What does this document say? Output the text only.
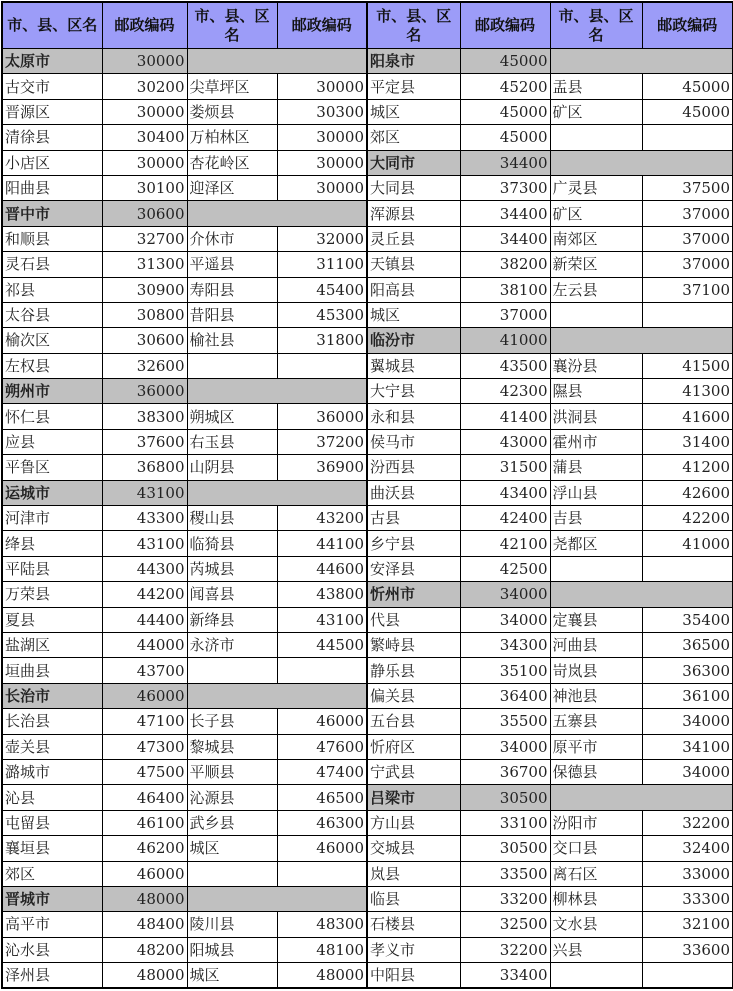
市、县、区名	邮政编码	市、县、区名	邮政编码	市、县、区名	邮政编码	市、县、区名	邮政编码
太原市	30000			阳泉市	45000		
古交市	30200	尖草坪区	30000	平定县	45200	盂县	45000
晋源区	30000	娄烦县	30300	城区	45000	矿区	45000
清徐县	30400	万柏林区	30000	郊区	45000		
小店区	30000	杏花岭区	30000	大同市	34400		
阳曲县	30100	迎泽区	30000	大同县	37300	广灵县	37500
晋中市	30600			浑源县	34400	矿区	37000
和顺县	32700	介休市	32000	灵丘县	34400	南郊区	37000
灵石县	31300	平遥县	31100	天镇县	38200	新荣区	37000
祁县	30900	寿阳县	45400	阳高县	38100	左云县	37100
太谷县	30800	昔阳县	45300	城区	37000		
榆次区	30600	榆社县	31800	临汾市	41000		
左权县	32600			翼城县	43500	襄汾县	41500
朔州市	36000			大宁县	42300	隰县	41300
怀仁县	38300	朔城区	36000	永和县	41400	洪洞县	41600
应县	37600	右玉县	37200	侯马市	43000	霍州市	31400
平鲁区	36800	山阴县	36900	汾西县	31500	蒲县	41200
运城市	43100			曲沃县	43400	浮山县	42600
河津市	43300	稷山县	43200	古县	42400	吉县	42200
绛县	43100	临猗县	44100	乡宁县	42100	尧都区	41000
平陆县	44300	芮城县	44600	安泽县	42500		
万荣县	44200	闻喜县	43800	忻州市	34000		
夏县	44400	新绛县	43100	代县	34000	定襄县	35400
盐湖区	44000	永济市	44500	繁峙县	34300	河曲县	36500
垣曲县	43700			静乐县	35100	岢岚县	36300
长治市	46000			偏关县	36400	神池县	36100
长治县	47100	长子县	46000	五台县	35500	五寨县	34000
壶关县	47300	黎城县	47600	忻府区	34000	原平市	34100
潞城市	47500	平顺县	47400	宁武县	36700	保德县	34000
沁县	46400	沁源县	46500	吕梁市	30500		
屯留县	46100	武乡县	46300	方山县	33100	汾阳市	32200
襄垣县	46200	城区	46000	交城县	30500	交口县	32400
郊区	46000			岚县	33500	离石区	33000
晋城市	48000			临县	33200	柳林县	33300
高平市	48400	陵川县	48300	石楼县	32500	文水县	32100
沁水县	48200	阳城县	48100	孝义市	32200	兴县	33600
泽州县	48000	城区	48000	中阳县	33400		
